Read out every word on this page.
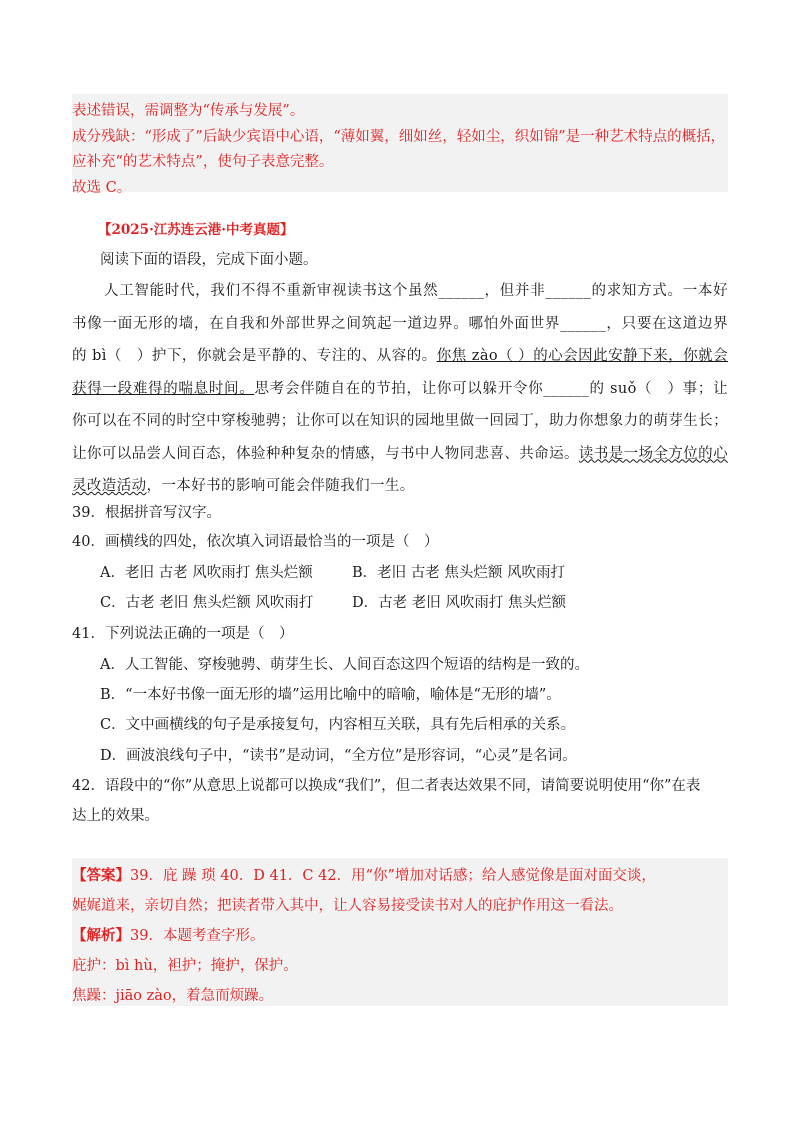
表述错误，需调整为“传承与发展”。
成分残缺：“形成了”后缺少宾语中心语，“薄如翼，细如丝，轻如尘，织如锦”是一种艺术特点的概括，
应补充“的艺术特点”，使句子表意完整。
故选 C。
【2025·江苏连云港·中考真题】
阅读下面的语段，完成下面小题。

人工智能时代，我们不得不重新审视读书这个虽然______，但并非______的求知方式。一本好书像一面无形的墙，在自我和外部世界之间筑起一道边界。哪怕外面世界______，只要在这道边界的 bì（　）护下，你就会是平静的、专注的、从容的。你焦 zào（ ）的心会因此安静下来，你就会获得一段难得的喘息时间。思考会伴随自在的节拍，让你可以躲开令你______的 suǒ（　）事；让你可以在不同的时空中穿梭驰骋；让你可以在知识的园地里做一回园丁，助力你想象力的萌芽生长；让你可以品尝人间百态，体验种种复杂的情感，与书中人物同悲喜、共命运。读书是一场全方位的心灵改造活动，一本好书的影响可能会伴随我们一生。

39．根据拼音写汉字。
40．画横线的四处，依次填入词语最恰当的一项是（　）
A．老旧 古老 风吹雨打 焦头烂额	B．老旧 古老 焦头烂额 风吹雨打
C．古老 老旧 焦头烂额 风吹雨打	D．古老 老旧 风吹雨打 焦头烂额
41．下列说法正确的一项是（　）
A．人工智能、穿梭驰骋、萌芽生长、人间百态这四个短语的结构是一致的。
B．“一本好书像一面无形的墙”运用比喻中的暗喻，喻体是“无形的墙”。
C．文中画横线的句子是承接复句，内容相互关联，具有先后相承的关系。
D．画波浪线句子中，“读书”是动词，“全方位”是形容词，“心灵”是名词。
42．语段中的“你”从意思上说都可以换成“我们”，但二者表达效果不同，请简要说明使用“你”在表
达上的效果。
【答案】39．庇 躁 琐 40．D 41．C 42．用“你”增加对话感；给人感觉像是面对面交谈，
娓娓道来，亲切自然；把读者带入其中，让人容易接受读书对人的庇护作用这一看法。
【解析】39．本题考查字形。
庇护：bì hù，袒护；掩护，保护。
焦躁：jiāo zào，着急而烦躁。
